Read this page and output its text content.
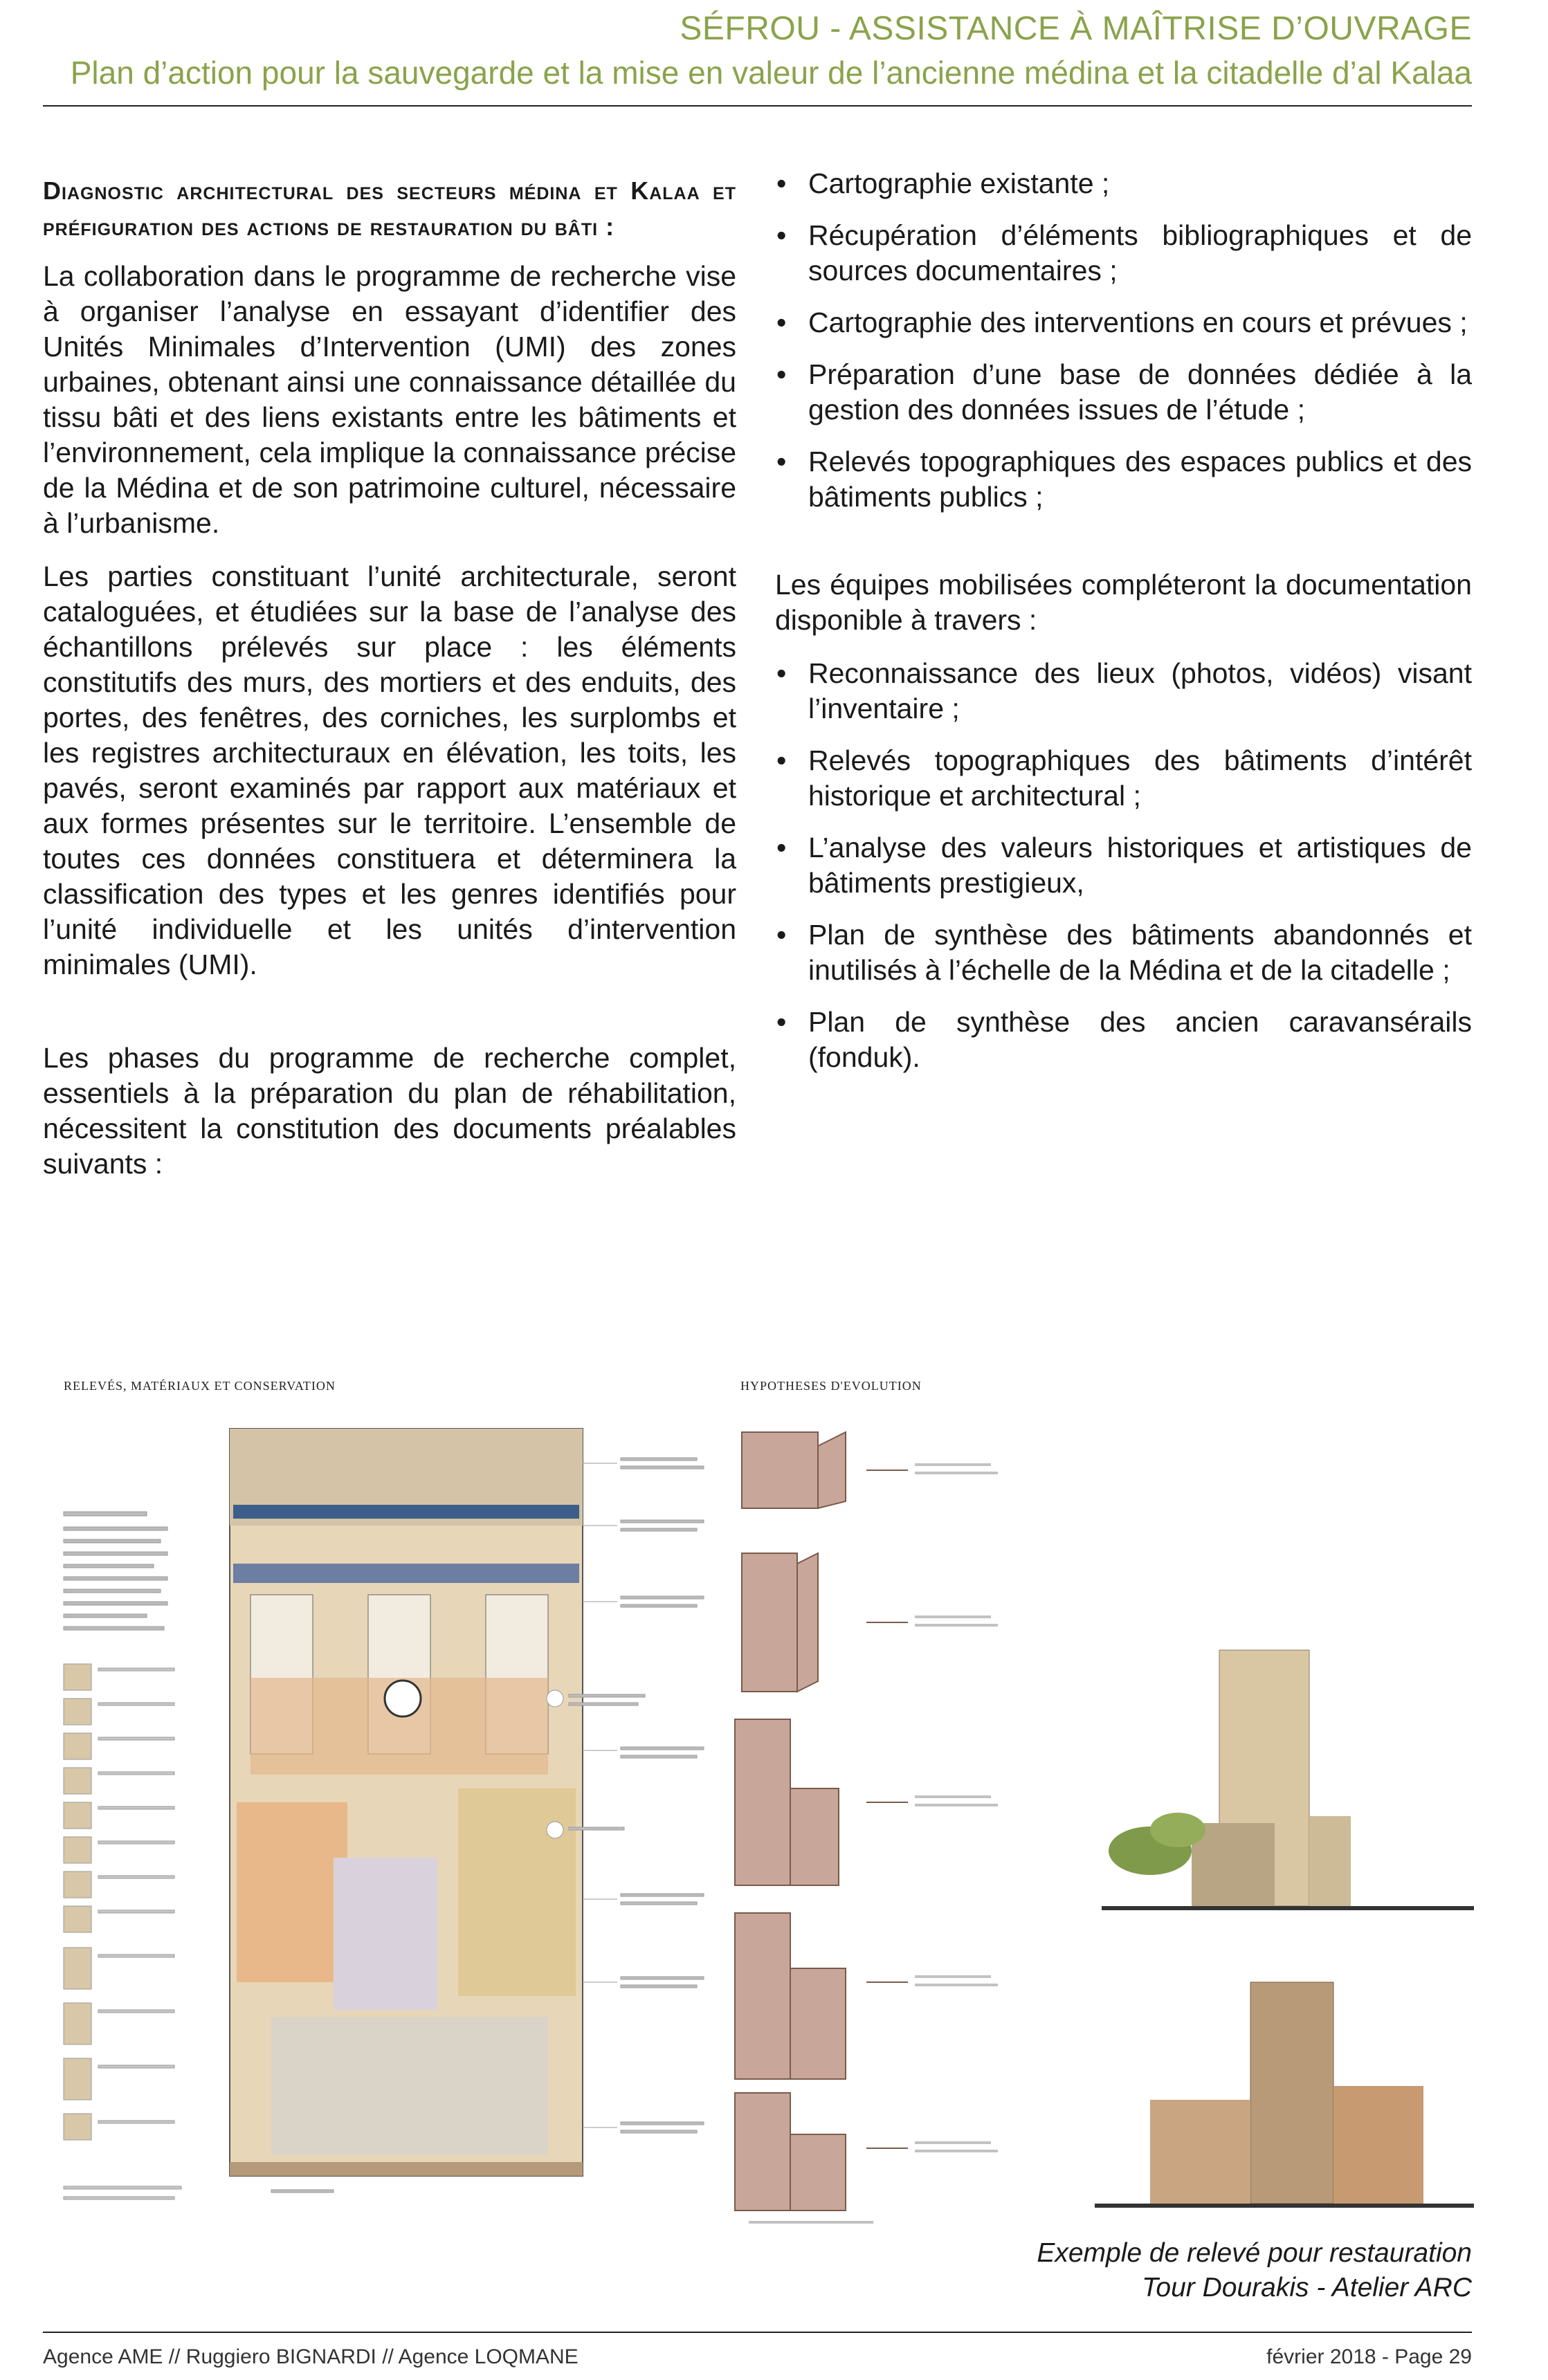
SÉFROU - ASSISTANCE À MAÎTRISE D’OUVRAGE
Plan d’action pour la sauvegarde et la mise en valeur de l’ancienne médina et la citadelle d’al Kalaa
Diagnostic architectural des secteurs médina et Kalaa et préfiguration des actions de restauration du bâti :

La collaboration dans le programme de recherche vise à organiser l’analyse en essayant d’identifier des Unités Minimales d’Intervention (UMI) des zones urbaines, obtenant ainsi une connaissance détaillée du tissu bâti et des liens existants entre les bâtiments et l’environnement, cela implique la connaissance précise de la Médina et de son patrimoine culturel, nécessaire à l’urbanisme.

Les parties constituant l’unité architecturale, seront cataloguées, et étudiées sur la base de l’analyse des échantillons prélevés sur place : les éléments constitutifs des murs, des mortiers et des enduits, des portes, des fenêtres, des corniches, les surplombs et les registres architecturaux en élévation, les toits, les pavés, seront examinés par rapport aux matériaux et aux formes présentes sur le territoire. L’ensemble de toutes ces données constituera et déterminera la classification des types et les genres identifiés pour l’unité individuelle et les unités d’intervention minimales (UMI).

Les phases du programme de recherche complet, essentiels à la préparation du plan de réhabilitation, nécessitent la constitution des documents préalables suivants :

• Cartographie existante ;
• Récupération d’éléments bibliographiques et de sources documentaires ;
• Cartographie des interventions en cours et prévues ;
• Préparation d’une base de données dédiée à la gestion des données issues de l’étude ;
• Relevés topographiques des espaces publics et des bâtiments publics ;

Les équipes mobilisées compléteront la documentation disponible à travers :

• Reconnaissance des lieux (photos, vidéos) visant l’inventaire ;
• Relevés topographiques des bâtiments d’intérêt historique et architectural ;
• L’analyse des valeurs historiques et artistiques de bâtiments prestigieux,
• Plan de synthèse des bâtiments abandonnés et inutilisés à l’échelle de la Médina et de la citadelle ;
• Plan de synthèse des ancien caravansérails (fonduk).
RELEVÉS, MATÉRIAUX ET CONSERVATION	HYPOTHESES D'EVOLUTION
Exemple de relevé pour restauration
Tour Dourakis - Atelier ARC
Agence AME // Ruggiero BIGNARDI // Agence LOQMANE	février 2018 - Page 29
